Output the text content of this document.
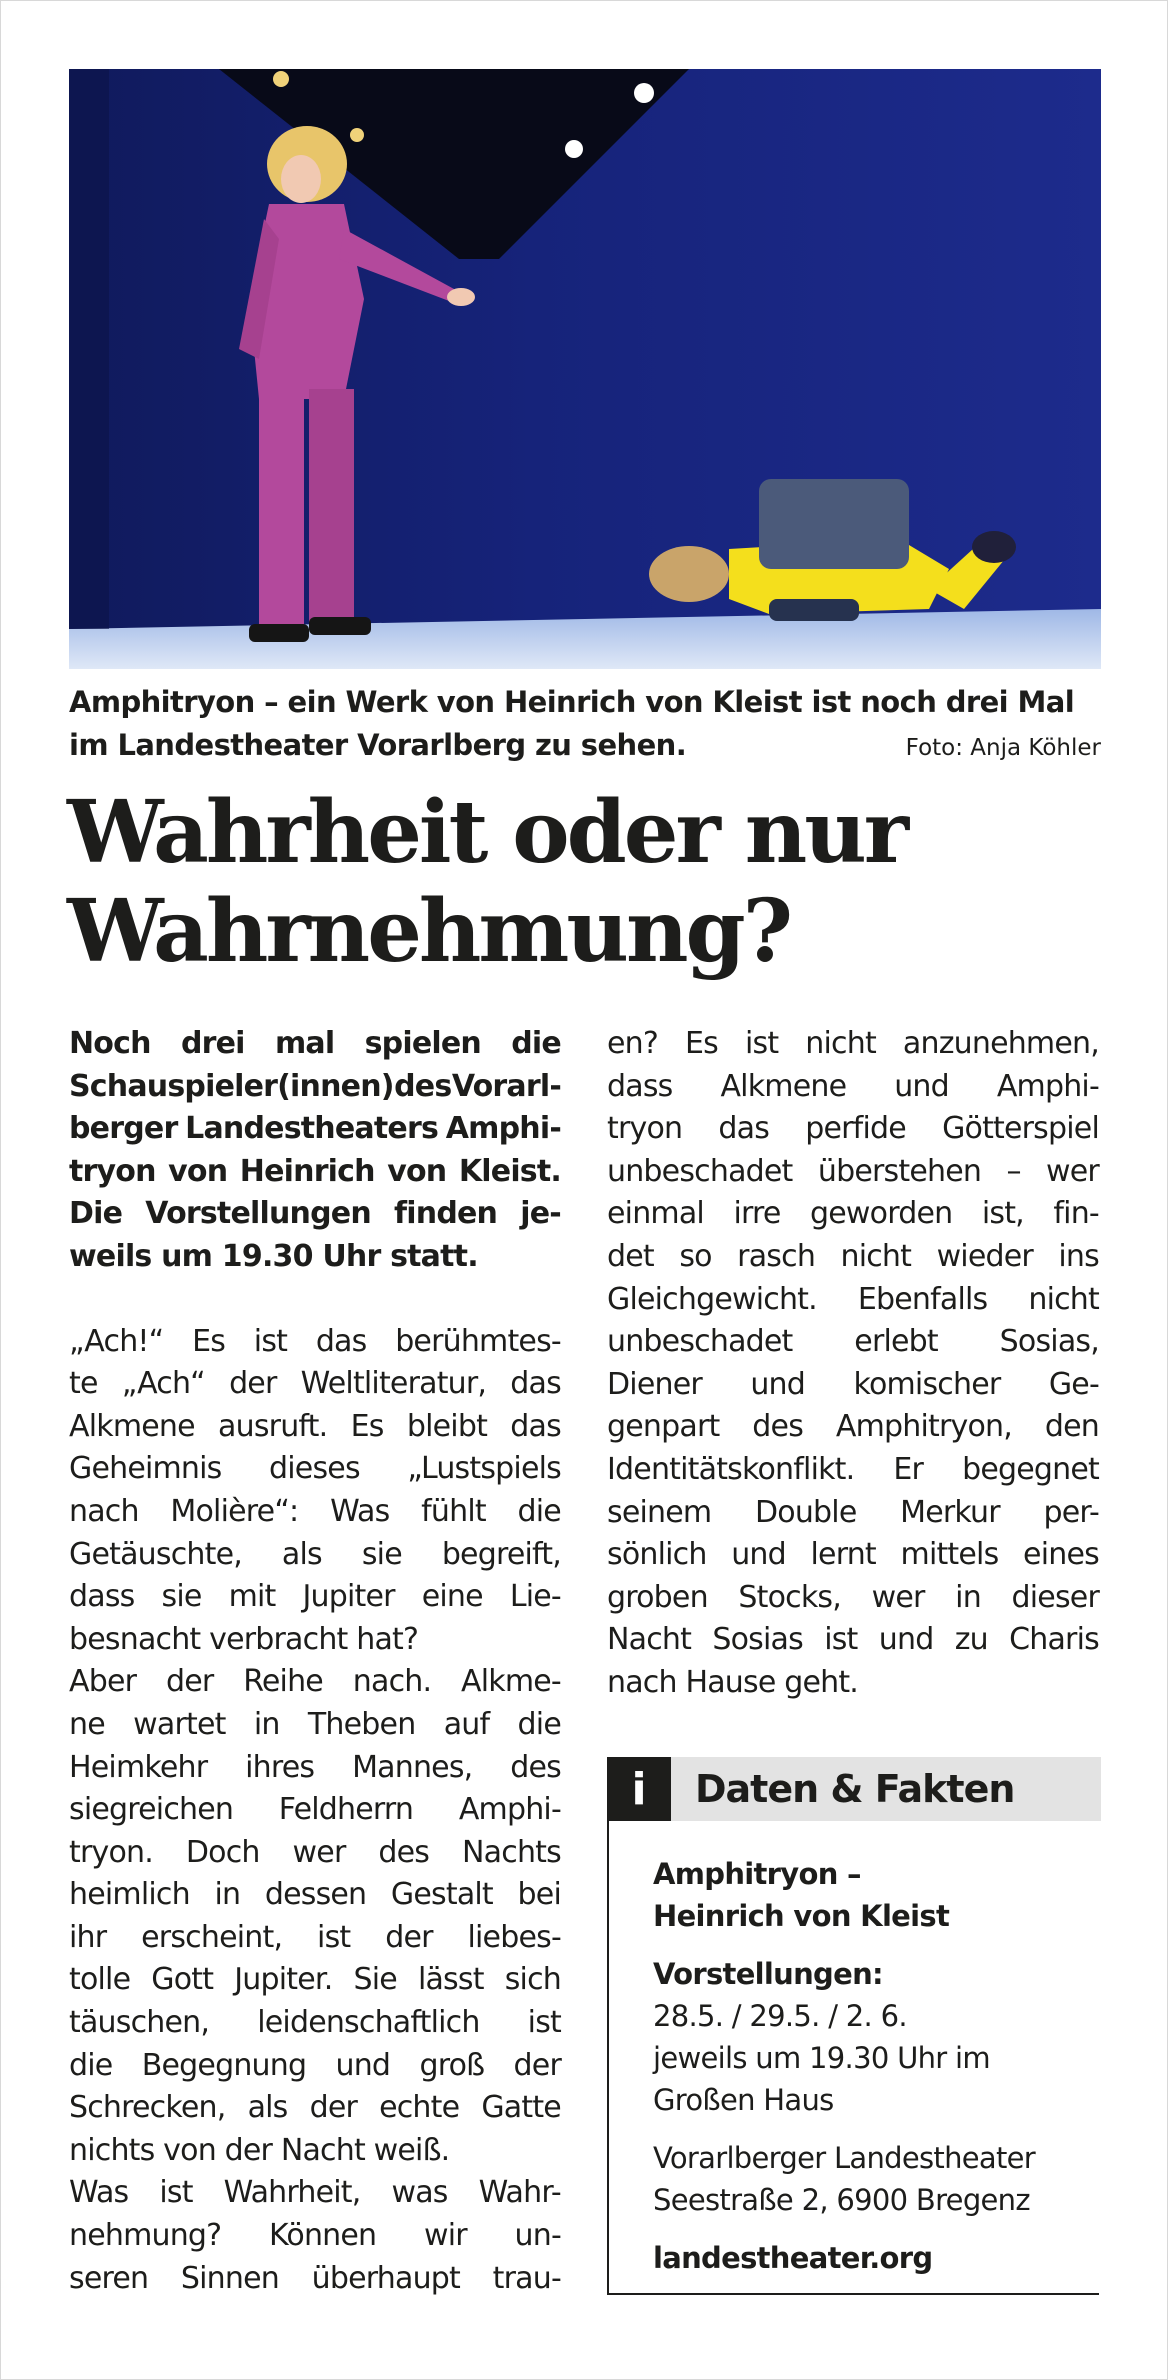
Amphitryon – ein Werk von Heinrich von Kleist ist noch drei Mal
im Landestheater Vorarlberg zu sehen.	Foto: Anja Köhler
Wahrheit oder nur
Wahrnehmung?
Noch drei mal spielen die
Schauspieler(innen) des Vorarl-
berger Landestheaters Amphi-
tryon von Heinrich von Kleist.
Die Vorstellungen finden je-
weils um 19.30 Uhr statt.
„Ach!“ Es ist das berühmtes-
te „Ach“ der Weltliteratur, das
Alkmene ausruft. Es bleibt das
Geheimnis dieses „Lustspiels
nach Molière“: Was fühlt die
Getäuschte, als sie begreift,
dass sie mit Jupiter eine Lie-
besnacht verbracht hat?
Aber der Reihe nach. Alkme-
ne wartet in Theben auf die
Heimkehr ihres Mannes, des
siegreichen Feldherrn Amphi-
tryon. Doch wer des Nachts
heimlich in dessen Gestalt bei
ihr erscheint, ist der liebes-
tolle Gott Jupiter. Sie lässt sich
täuschen, leidenschaftlich ist
die Begegnung und groß der
Schrecken, als der echte Gatte
nichts von der Nacht weiß.
Was ist Wahrheit, was Wahr-
nehmung? Können wir un-
seren Sinnen überhaupt trau-
en? Es ist nicht anzunehmen,
dass Alkmene und Amphi-
tryon das perfide Götterspiel
unbeschadet überstehen – wer
einmal irre geworden ist, fin-
det so rasch nicht wieder ins
Gleichgewicht. Ebenfalls nicht
unbeschadet erlebt Sosias,
Diener und komischer Ge-
genpart des Amphitryon, den
Identitätskonflikt. Er begegnet
seinem Double Merkur per-
sönlich und lernt mittels eines
groben Stocks, wer in dieser
Nacht Sosias ist und zu Charis
nach Hause geht.
i	Daten & Fakten
Amphitryon –
Heinrich von Kleist
Vorstellungen:
28.5. / 29.5. / 2. 6.
jeweils um 19.30 Uhr im
Großen Haus
Vorarlberger Landestheater
Seestraße 2, 6900 Bregenz
landestheater.org
